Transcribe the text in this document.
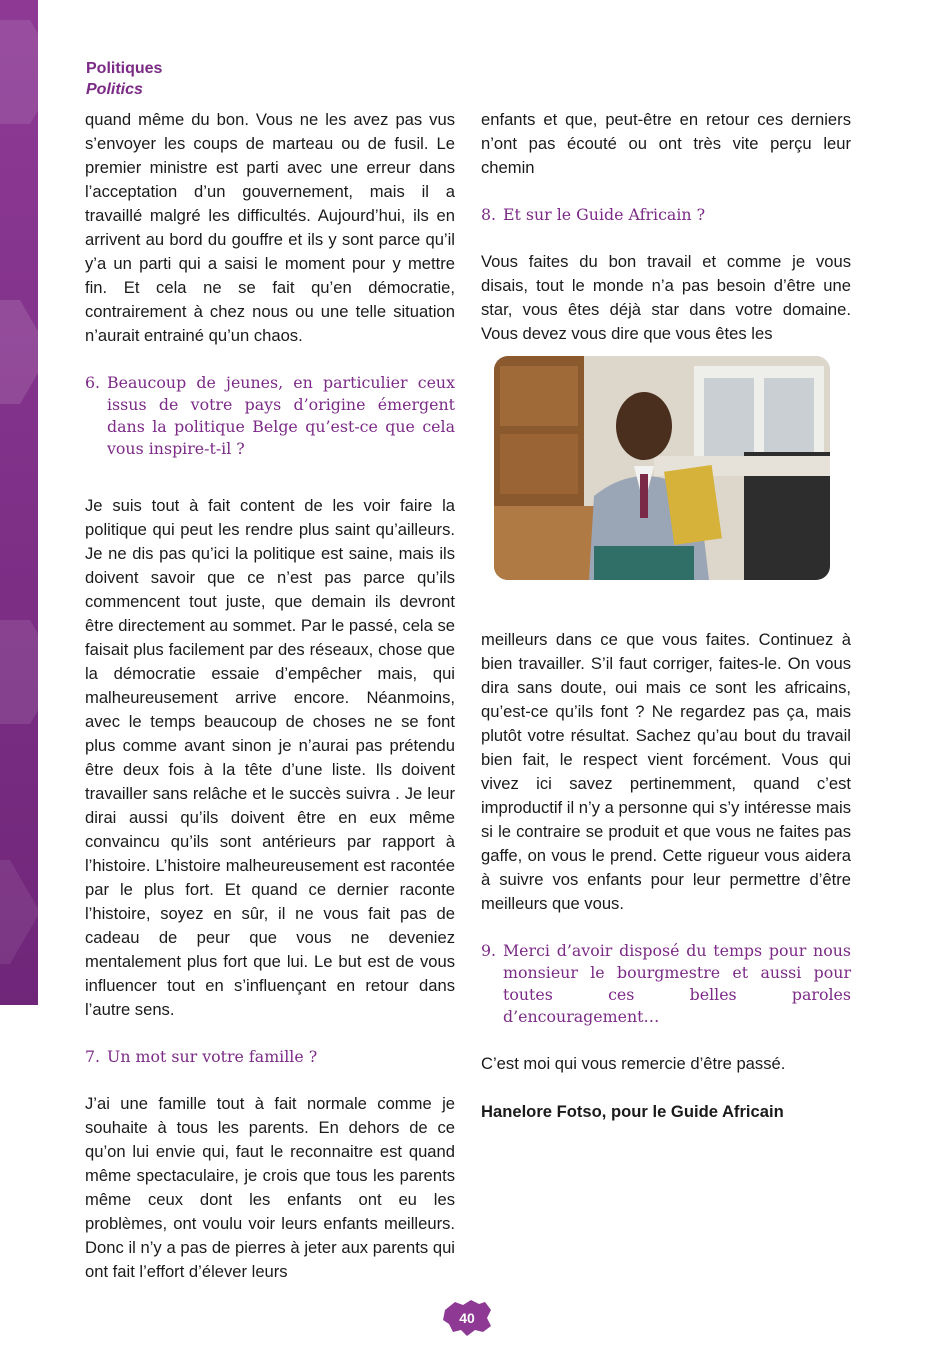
Politiques
Politics

quand même du bon. Vous ne les avez pas vus s’envoyer les coups de marteau ou de fusil. Le premier ministre est parti avec une erreur dans l’acceptation d’un gouvernement, mais il a travaillé malgré les difficultés. Aujourd’hui, ils en arrivent au bord du gouffre et ils y sont parce qu’il y’a un parti qui a saisi le moment pour y mettre fin. Et cela ne se fait qu’en démocratie, contrairement à chez nous ou une telle situation n’aurait entrainé qu’un chaos.

6. Beaucoup de jeunes, en particulier ceux issus de votre pays d’origine émergent dans la politique Belge qu’est-ce que cela vous inspire-t-il ?

Je suis tout à fait content de les voir faire la politique qui peut les rendre plus saint qu’ailleurs. Je ne dis pas qu’ici la politique est saine, mais ils doivent savoir que ce n’est pas parce qu’ils commencent tout juste, que demain ils devront être directement au sommet. Par le passé, cela se faisait plus facilement par des réseaux, chose que la démocratie essaie d’empêcher mais, qui malheureusement arrive encore. Néanmoins, avec le temps beaucoup de choses ne se font plus comme avant sinon je n’aurai pas prétendu être deux fois à la tête d’une liste. Ils doivent travailler sans relâche et le succès suivra . Je leur dirai aussi qu’ils doivent être en eux même convaincu qu’ils sont antérieurs par rapport à l’histoire. L’histoire malheureusement est racontée par le plus fort. Et quand ce dernier raconte l’histoire, soyez en sûr, il ne vous fait pas de cadeau de peur que vous ne deveniez mentalement plus fort que lui. Le but est de vous influencer tout en s’influençant en retour dans l’autre sens.

7. Un mot sur votre famille ?

J’ai une famille tout à fait normale comme je souhaite à tous les parents. En dehors de ce qu’on lui envie qui, faut le reconnaitre est quand même spectaculaire, je crois que tous les parents même ceux dont les enfants ont eu les problèmes, ont voulu voir leurs enfants meilleurs. Donc il n’y a pas de pierres à jeter aux parents qui ont fait l’effort d’élever leurs

enfants et que, peut-être en retour ces derniers n’ont pas écouté ou ont très vite perçu leur chemin

8. Et sur le Guide Africain ?

Vous faites du bon travail et comme je vous disais, tout le monde n’a pas besoin d’être une star, vous êtes déjà star dans votre domaine. Vous devez vous dire que vous êtes les

meilleurs dans ce que vous faites. Continuez à bien travailler. S’il faut corriger, faites-le. On vous dira sans doute, oui mais ce sont les africains, qu’est-ce qu’ils font ? Ne regardez pas ça, mais plutôt votre résultat. Sachez qu’au bout du travail bien fait, le respect vient forcément. Vous qui vivez ici savez pertinemment, quand c’est improductif il n’y a personne qui s’y intéresse mais si le contraire se produit et que vous ne faites pas gaffe, on vous le prend. Cette rigueur vous aidera à suivre vos enfants pour leur permettre d’être meilleurs que vous.

9. Merci d’avoir disposé du temps pour nous monsieur le bourgmestre et aussi pour toutes ces belles paroles d’encouragement…

C’est moi qui vous remercie d’être passé.

Hanelore Fotso, pour le Guide Africain

40
